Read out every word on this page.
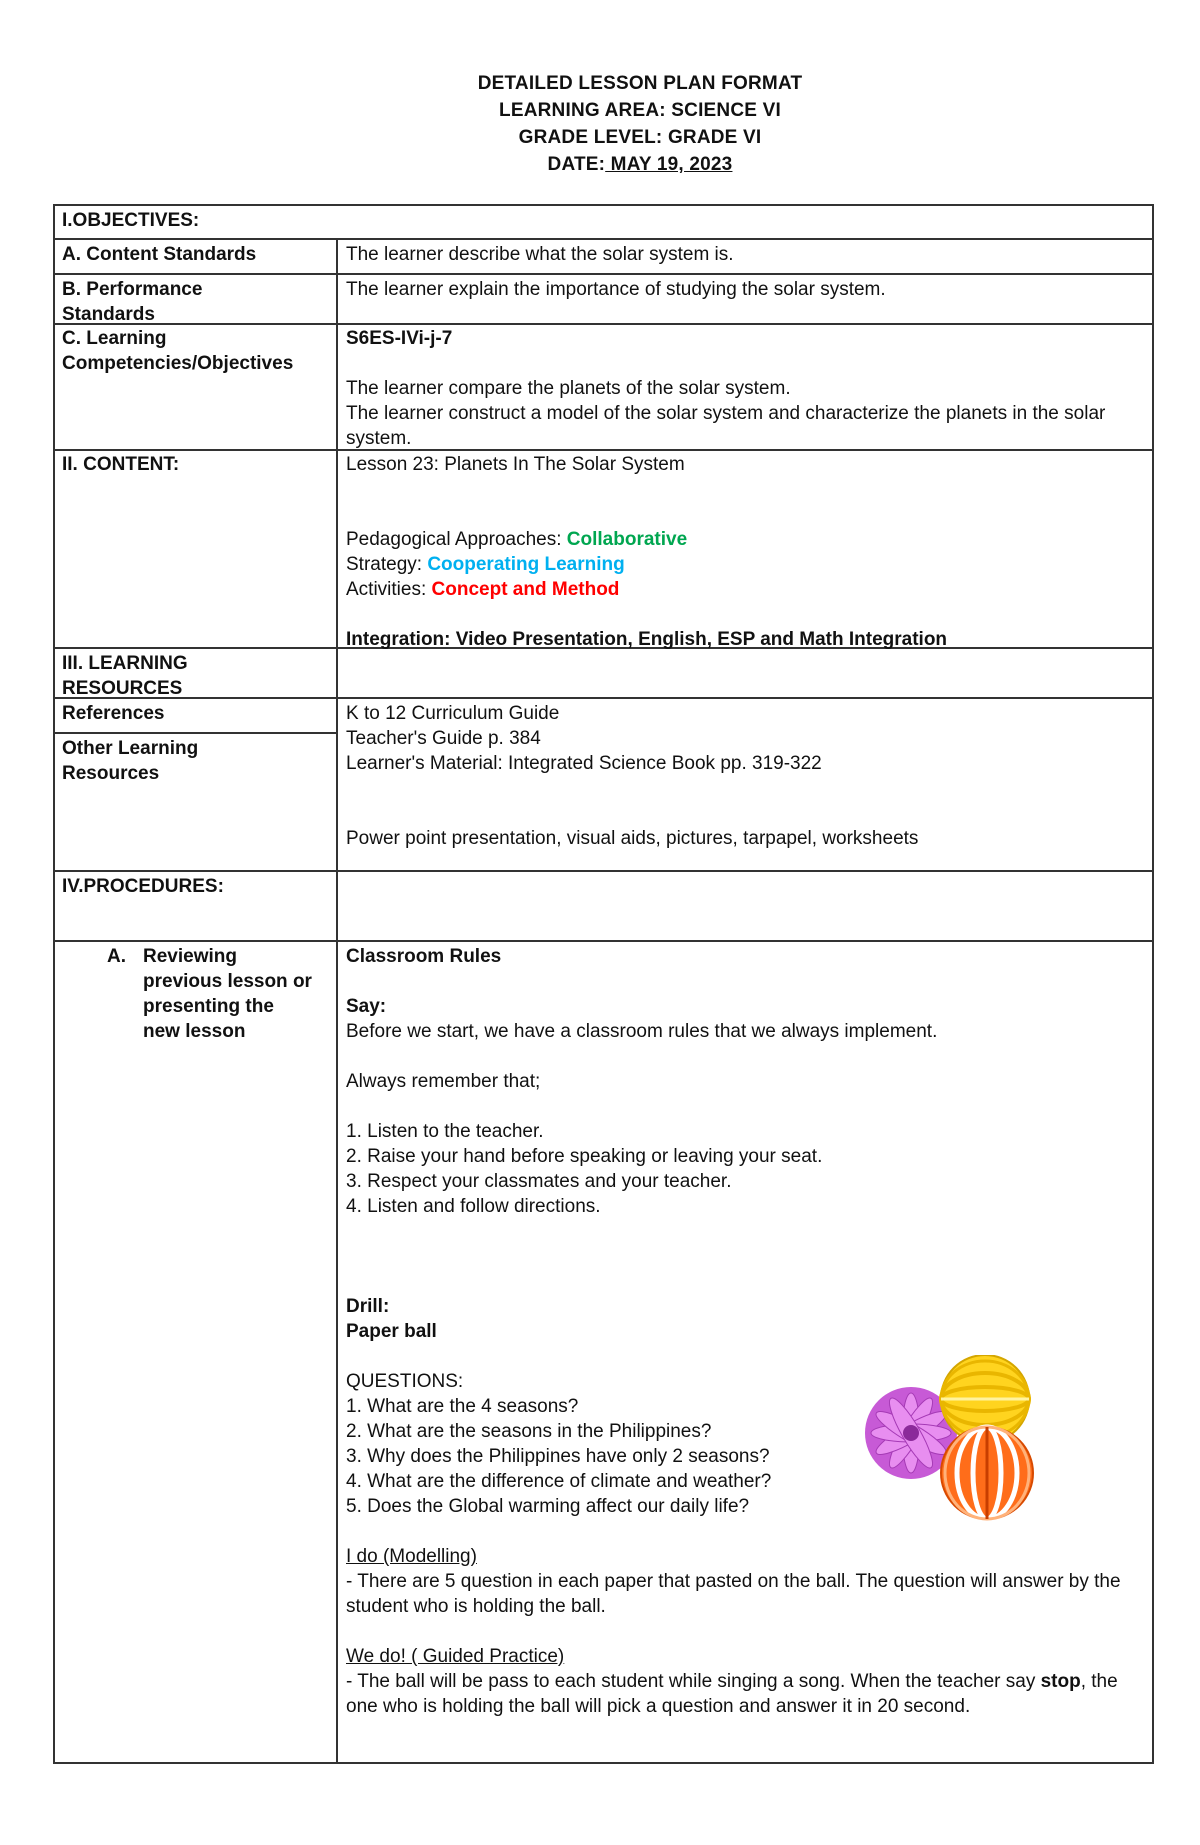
DETAILED LESSON PLAN FORMAT
LEARNING AREA: SCIENCE VI
GRADE LEVEL: GRADE VI
DATE: MAY 19, 2023
I.OBJECTIVES:
A. Content Standards	The learner describe what the solar system is.
B. Performance
Standards
The learner explain the importance of studying the solar system.
C. Learning
Competencies/Objectives
S6ES-IVi-j-7
The learner compare the planets of the solar system.
The learner construct a model of the solar system and characterize the planets in the solar system.
II. CONTENT:	Lesson 23: Planets In The Solar System
Pedagogical Approaches: Collaborative
Strategy: Cooperating Learning
Activities: Concept and Method
Integration: Video Presentation, English, ESP and Math Integration
III. LEARNING
RESOURCES
References
Other Learning
Resources
K to 12 Curriculum Guide
Teacher's Guide p. 384
Learner's Material: Integrated Science Book pp. 319-322
Power point presentation, visual aids, pictures, tarpapel, worksheets
IV.PROCEDURES:
A. Reviewing
previous lesson or
presenting the
new lesson
Classroom Rules
Say:
Before we start, we have a classroom rules that we always implement.
Always remember that;
1. Listen to the teacher.
2. Raise your hand before speaking or leaving your seat.
3. Respect your classmates and your teacher.
4. Listen and follow directions.
Drill:
Paper ball
QUESTIONS:
1. What are the 4 seasons?
2. What are the seasons in the Philippines?
3. Why does the Philippines have only 2 seasons?
4. What are the difference of climate and weather?
5. Does the Global warming affect our daily life?
I do (Modelling)
- There are 5 question in each paper that pasted on the ball. The question will answer by the student who is holding the ball.
We do! ( Guided Practice)
- The ball will be pass to each student while singing a song. When the teacher say stop, the one who is holding the ball will pick a question and answer it in 20 second.
